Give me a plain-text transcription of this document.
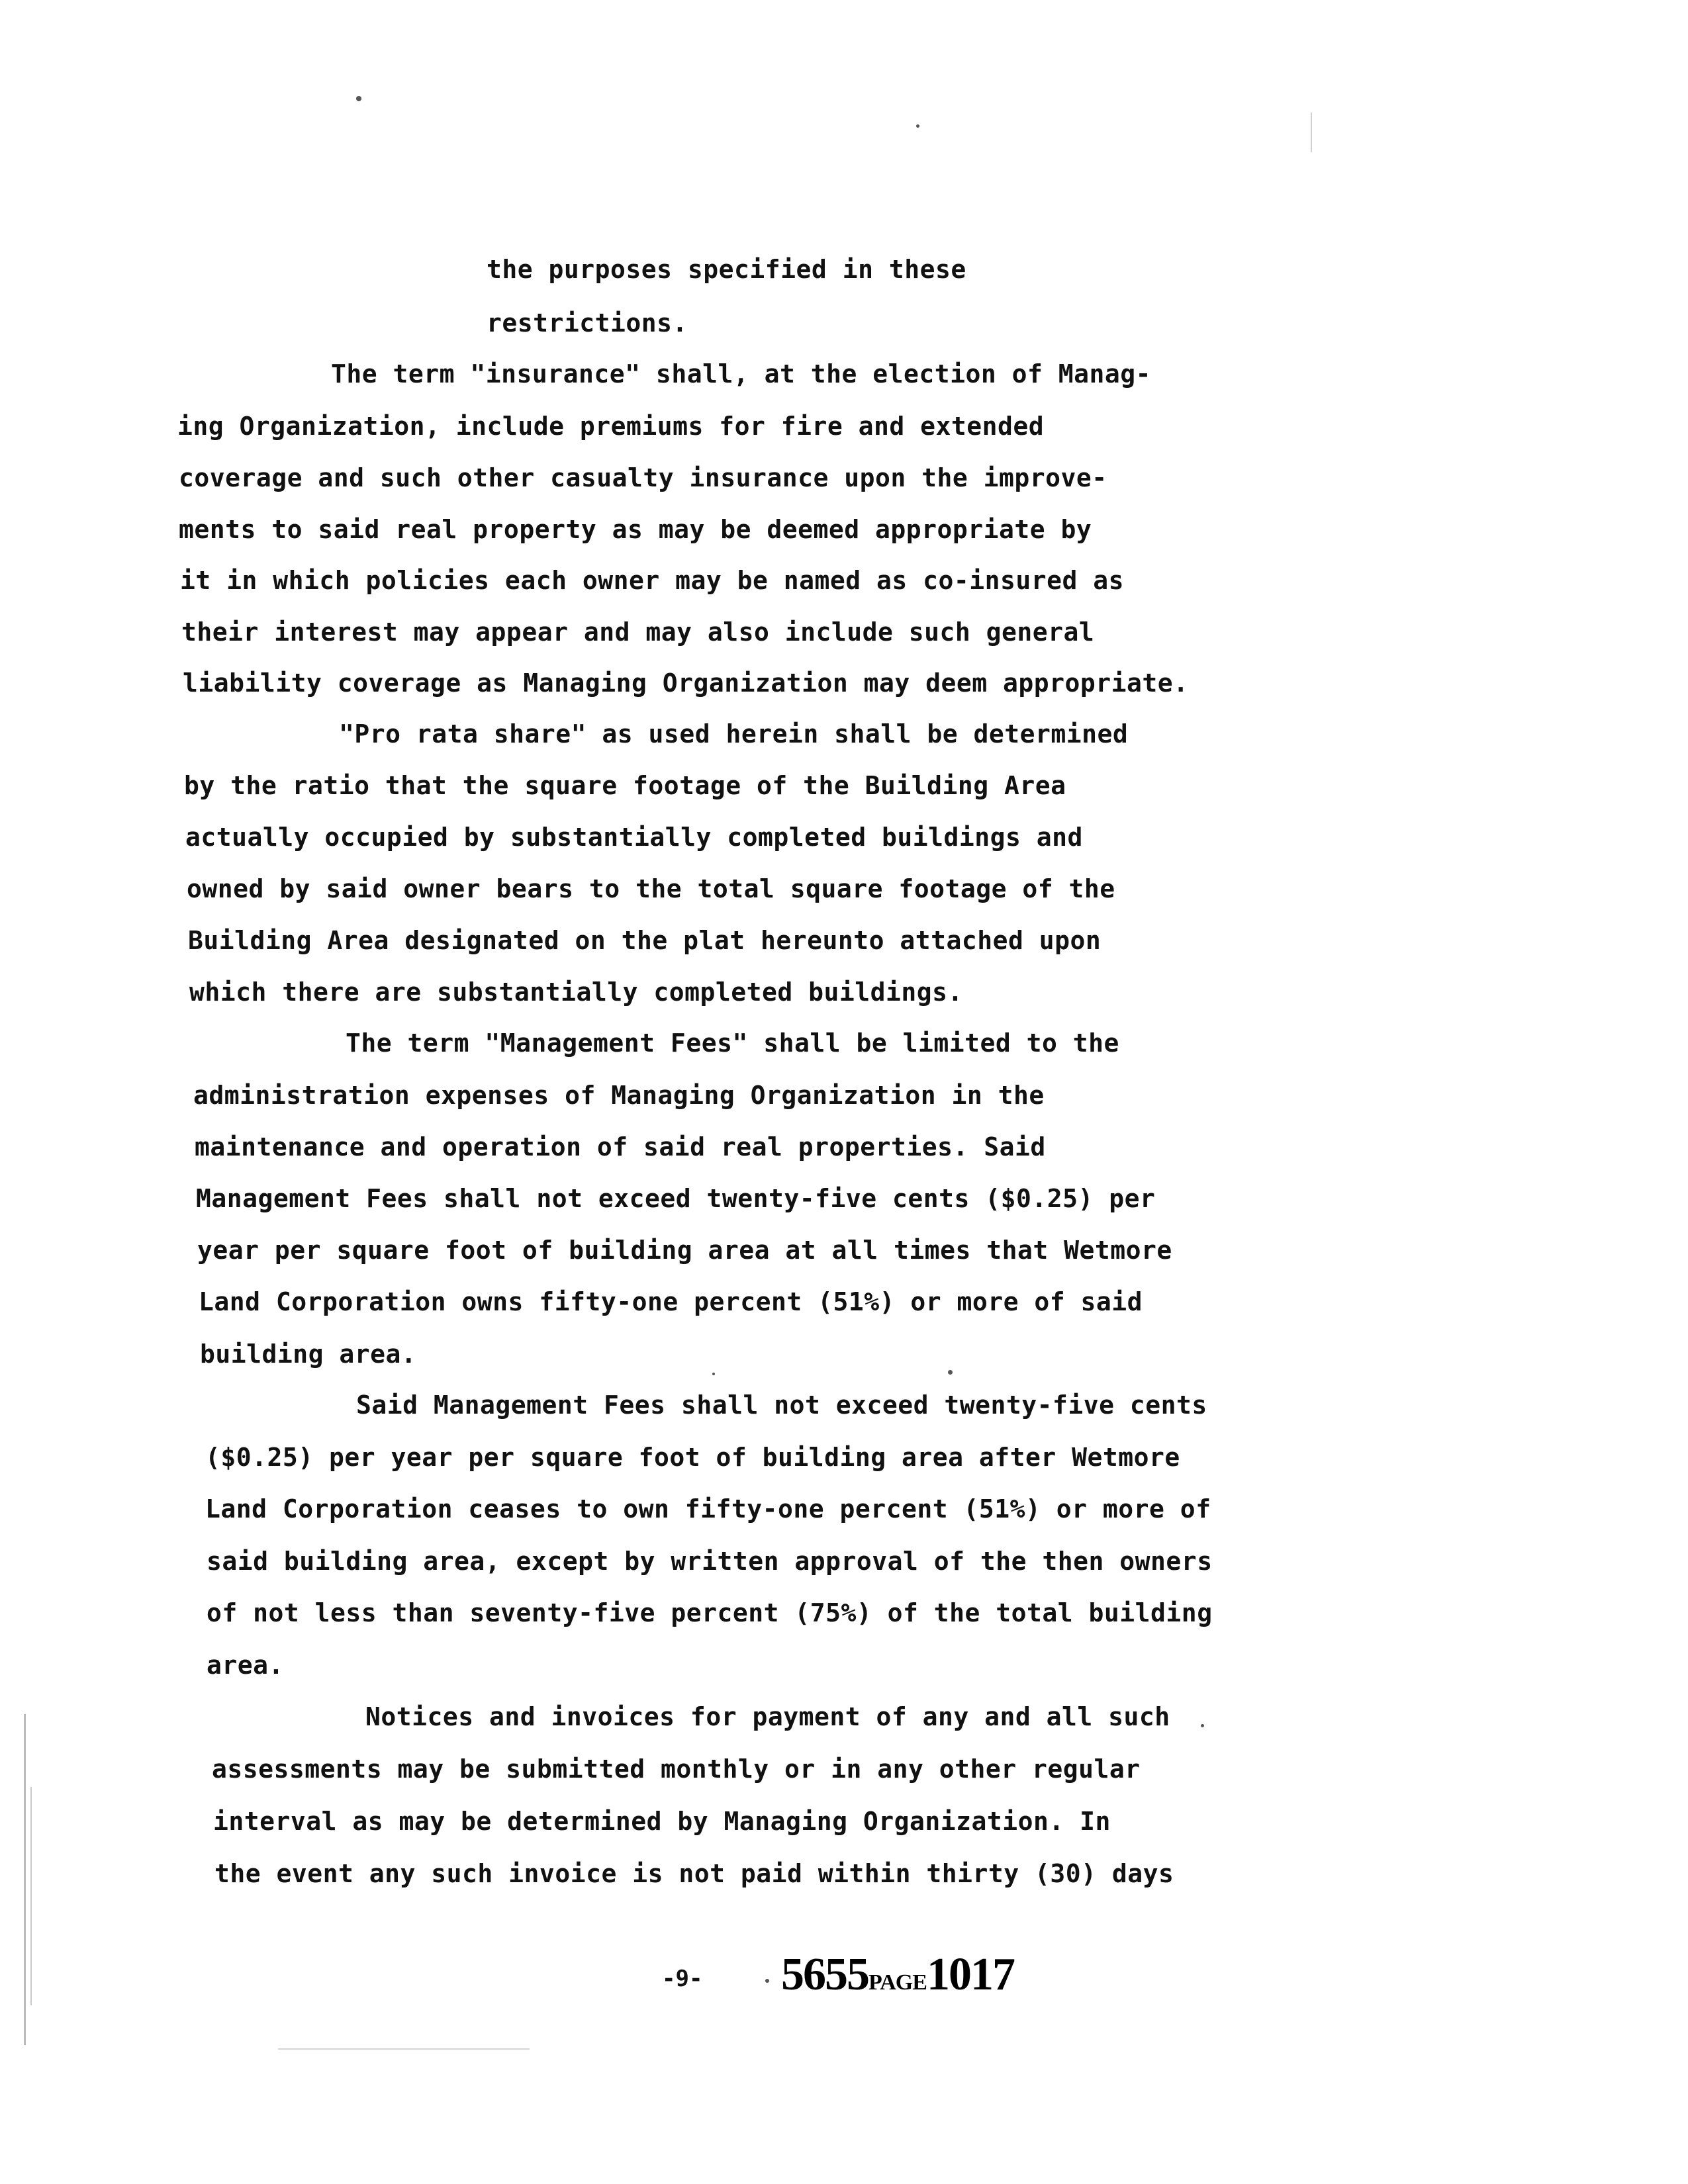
the purposes specified in these
restrictions.
The term "insurance" shall, at the election of Manag-
ing Organization, include premiums for fire and extended
coverage and such other casualty insurance upon the improve-
ments to said real property as may be deemed appropriate by
it in which policies each owner may be named as co-insured as
their interest may appear and may also include such general
liability coverage as Managing Organization may deem appropriate.
"Pro rata share" as used herein shall be determined
by the ratio that the square footage of the Building Area
actually occupied by substantially completed buildings and
owned by said owner bears to the total square footage of the
Building Area designated on the plat hereunto attached upon
which there are substantially completed buildings.
The term "Management Fees" shall be limited to the
administration expenses of Managing Organization in the
maintenance and operation of said real properties. Said
Management Fees shall not exceed twenty-five cents ($0.25) per
year per square foot of building area at all times that Wetmore
Land Corporation owns fifty-one percent (51%) or more of said
building area.
Said Management Fees shall not exceed twenty-five cents
($0.25) per year per square foot of building area after Wetmore
Land Corporation ceases to own fifty-one percent (51%) or more of
said building area, except by written approval of the then owners
of not less than seventy-five percent (75%) of the total building
area.
Notices and invoices for payment of any and all such
assessments may be submitted monthly or in any other regular
interval as may be determined by Managing Organization. In
the event any such invoice is not paid within thirty (30) days
-9- 5655PAGE1017
